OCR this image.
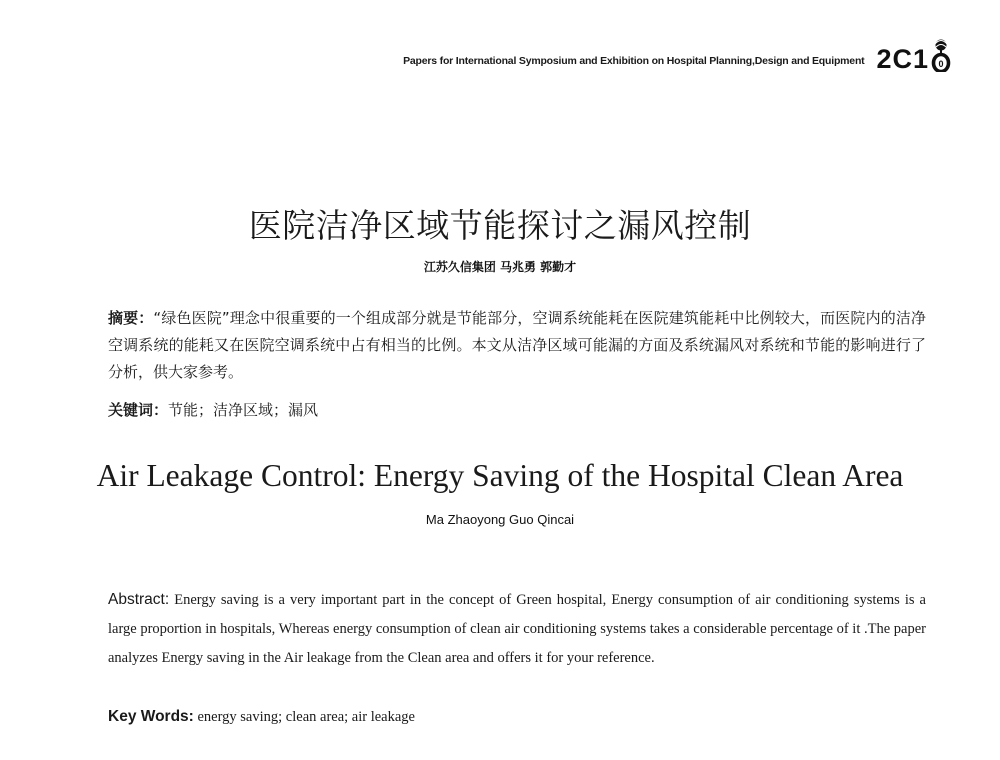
Papers for International Symposium and Exhibition on Hospital Planning,Design and Equipment 2C1 0
医院洁净区域节能探讨之漏风控制
江苏久信集团 马兆勇 郭勤才
摘要：“绿色医院”理念中很重要的一个组成部分就是节能部分，空调系统能耗在医院建筑能耗中比例较大，而医院内的洁净空调系统的能耗又在医院空调系统中占有相当的比例。本文从洁净区域可能漏的方面及系统漏风对系统和节能的影响进行了分析，供大家参考。
关键词：节能；洁净区域；漏风
Air Leakage Control: Energy Saving of the Hospital Clean Area
Ma Zhaoyong Guo Qincai
Abstract: Energy saving is a very important part in the concept of Green hospital, Energy consumption of air conditioning systems is a large proportion in hospitals, Whereas energy consumption of clean air conditioning systems takes a considerable percentage of it .The paper analyzes Energy saving in the Air leakage from the Clean area and offers it for your reference.
Key Words: energy saving; clean area; air leakage
